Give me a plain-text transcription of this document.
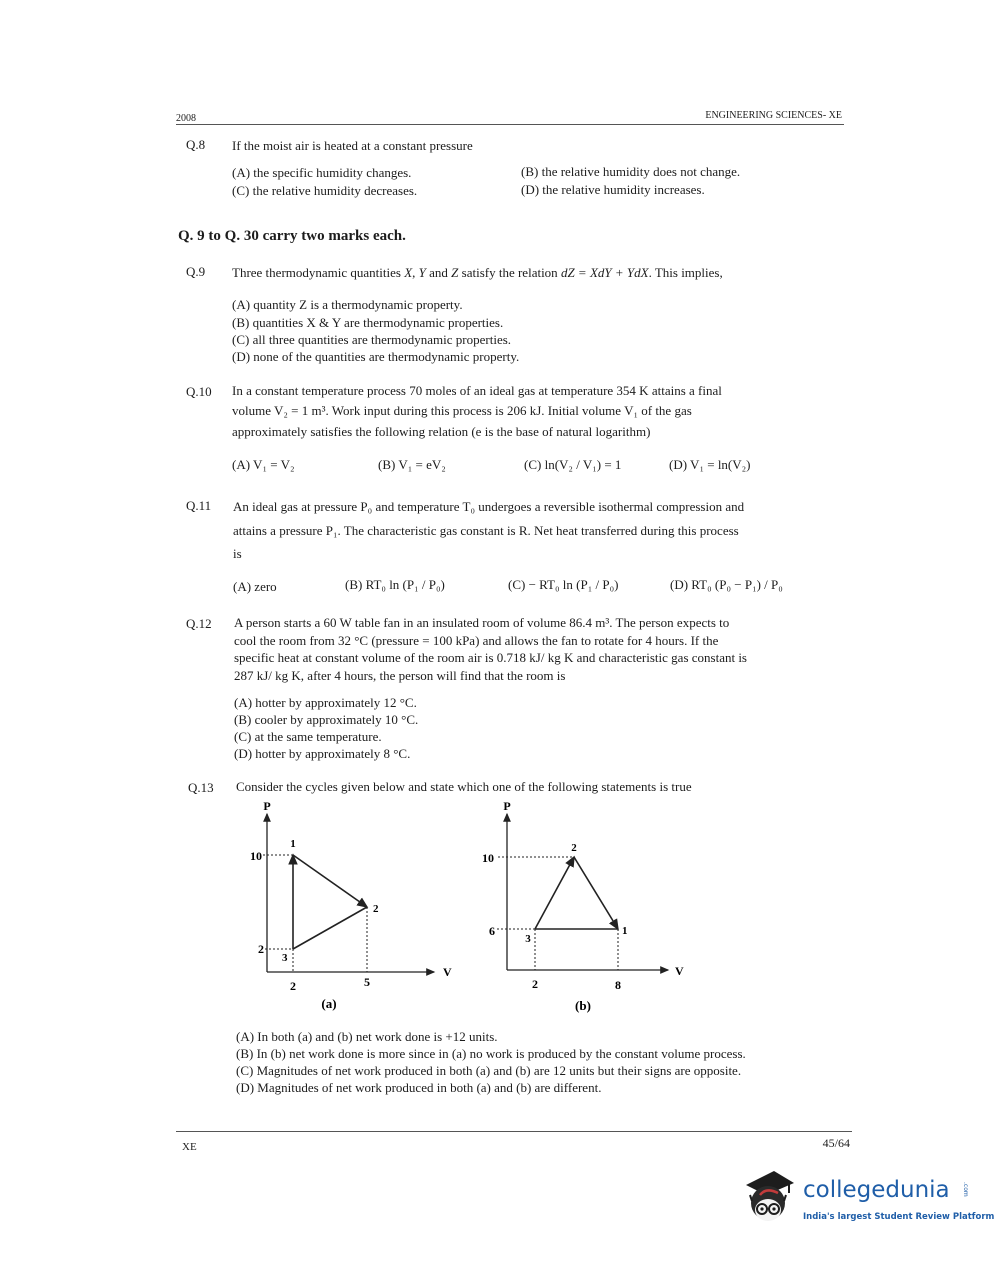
2008	ENGINEERING SCIENCES- XE
Q.8 If the moist air is heated at a constant pressure
(A) the specific humidity changes.	(B) the relative humidity does not change.
(C) the relative humidity decreases.	(D) the relative humidity increases.
Q. 9 to Q. 30 carry two marks each.
Q.9 Three thermodynamic quantities X, Y and Z satisfy the relation dZ = XdY + YdX. This implies,
(A) quantity Z is a thermodynamic property.
(B) quantities X & Y are thermodynamic properties.
(C) all three quantities are thermodynamic properties.
(D) none of the quantities are thermodynamic property.
Q.10 In a constant temperature process 70 moles of an ideal gas at temperature 354 K attains a final
volume V₂ = 1 m³. Work input during this process is 206 kJ. Initial volume V₁ of the gas
approximately satisfies the following relation (e is the base of natural logarithm)
(A) V₁ = V₂	(B) V₁ = eV₂	(C) ln(V₂ / V₁) = 1	(D) V₁ = ln(V₂)
Q.11 An ideal gas at pressure P₀ and temperature T₀ undergoes a reversible isothermal compression and
attains a pressure P₁. The characteristic gas constant is R. Net heat transferred during this process
is
(A) zero	(B) RT₀ ln (P₁ / P₀)	(C) − RT₀ ln (P₁ / P₀)	(D) RT₀ (P₀ − P₁) / P₀
Q.12 A person starts a 60 W table fan in an insulated room of volume 86.4 m³. The person expects to
cool the room from 32 °C (pressure = 100 kPa) and allows the fan to rotate for 4 hours. If the
specific heat at constant volume of the room air is 0.718 kJ/ kg K and characteristic gas constant is
287 kJ/ kg K, after 4 hours, the person will find that the room is
(A) hotter by approximately 12 °C.
(B) cooler by approximately 10 °C.
(C) at the same temperature.
(D) hotter by approximately 8 °C.
Q.13 Consider the cycles given below and state which one of the following statements is true
P
V
10
2
1
2
3
2	5
(a)
P
V
10
6	1
2
3
2	8
(b)
(A) In both (a) and (b) net work done is +12 units.
(B) In (b) net work done is more since in (a) no work is produced by the constant volume process.
(C) Magnitudes of net work produced in both (a) and (b) are 12 units but their signs are opposite.
(D) Magnitudes of net work produced in both (a) and (b) are different.
XE	45/64
collegedunia .com
India's largest Student Review Platform
